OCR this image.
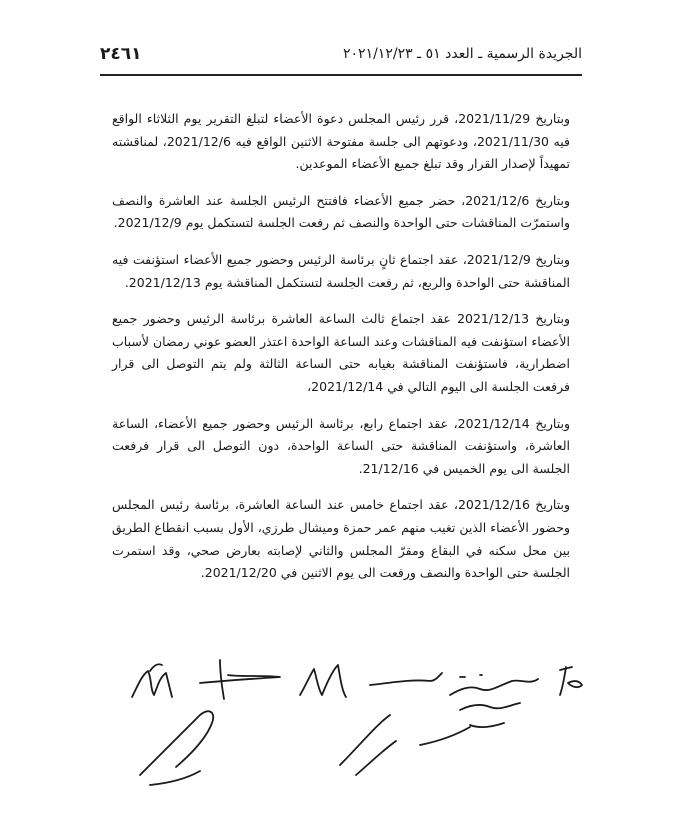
الجريدة الرسمية ـ العدد ٥١ ـ ٢٠٢١/١٢/٢٣
٢٤٦١

وبتاريخ 2021/11/29، قرر رئيس المجلس دعوة الأعضاء لتبلغ التقرير يوم الثلاثاء الواقع فيه 2021/11/30، ودعوتهم الى جلسة مفتوحة الاثنين الواقع فيه 2021/12/6، لمناقشته تمهيداً لإصدار القرار وقد تبلغ جميع الأعضاء الموعدين.

وبتاريخ 2021/12/6، حضر جميع الأعضاء فافتتح الرئيس الجلسة عند العاشرة والنصف واستمرّت المناقشات حتى الواحدة والنصف ثم رفعت الجلسة لتستكمل يوم 2021/12/9.

وبتاريخ 2021/12/9، عقد اجتماع ثانٍ برئاسة الرئيس وحضور جميع الأعضاء استؤنفت فيه المناقشة حتى الواحدة والربع، ثم رفعت الجلسة لتستكمل المناقشة يوم 2021/12/13.

وبتاريخ 2021/12/13 عقد اجتماع ثالث الساعة العاشرة برئاسة الرئيس وحضور جميع الأعضاء استؤنفت فيه المناقشات وعند الساعة الواحدة اعتذر العضو عوني رمضان لأسباب اضطرارية، فاستؤنفت المناقشة بغيابه حتى الساعة الثالثة ولم يتم التوصل الى قرار فرفعت الجلسة الى اليوم التالي في 2021/12/14،

وبتاريخ 2021/12/14، عقد اجتماع رابع، برئاسة الرئيس وحضور جميع الأعضاء، الساعة العاشرة، واستؤنفت المناقشة حتى الساعة الواحدة، دون التوصل الى قرار فرفعت الجلسة الى يوم الخميس في 21/12/16.

وبتاريخ 2021/12/16، عقد اجتماع خامس عند الساعة العاشرة، برئاسة رئيس المجلس وحضور الأعضاء الذين تغيب منهم عمر حمزة وميشال طرزي، الأول بسبب انقطاع الطريق بين محل سكنه في البقاع ومقرّ المجلس والثاني لإصابته بعارض صحي، وقد استمرت الجلسة حتى الواحدة والنصف ورفعت الى يوم الاثنين في 2021/12/20.
